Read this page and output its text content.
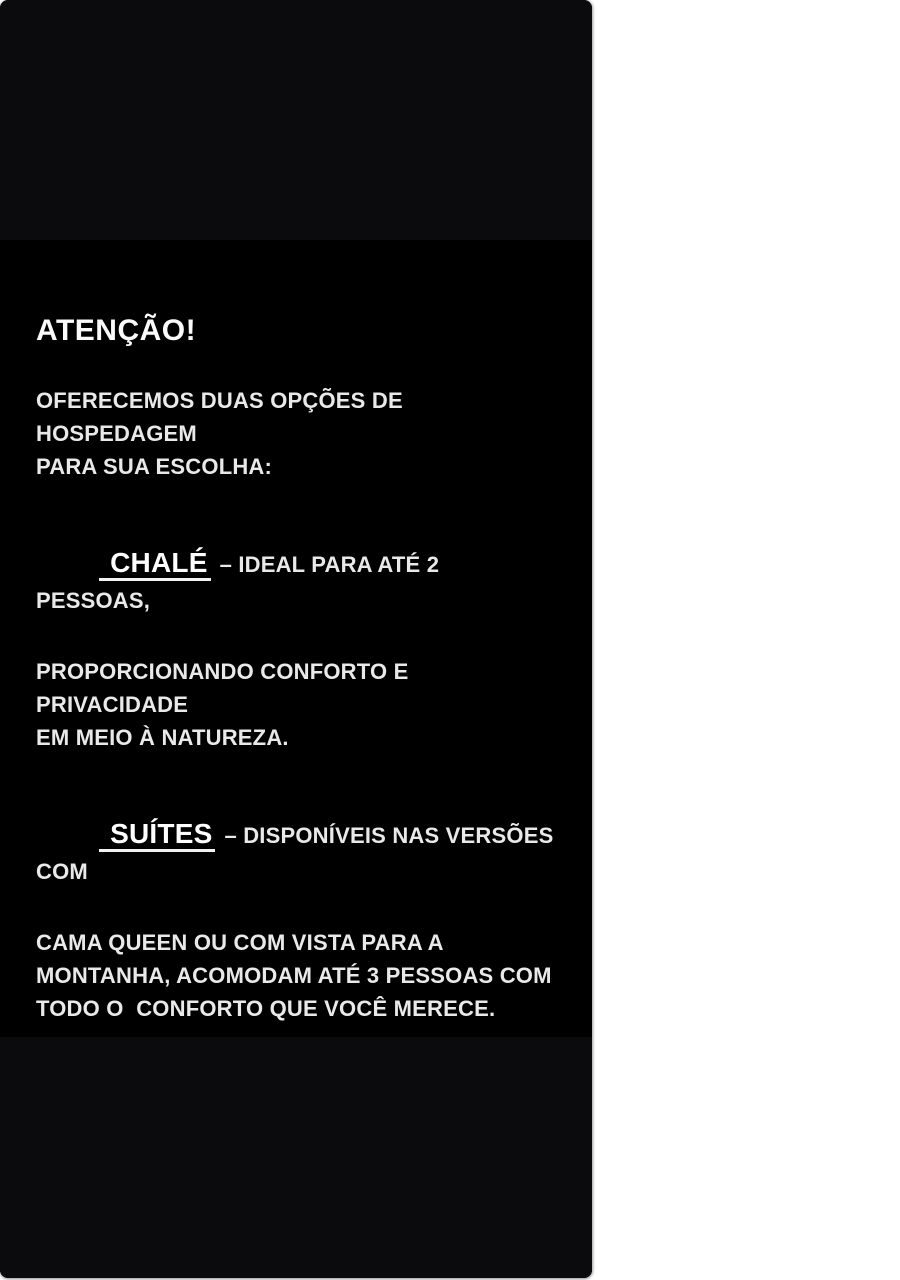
ATENÇÃO!
OFERECEMOS DUAS OPÇÕES DE HOSPEDAGEM
PARA SUA ESCOLHA:

CHALÉ – IDEAL PARA ATÉ 2 PESSOAS,

PROPORCIONANDO CONFORTO E PRIVACIDADE
EM MEIO À NATUREZA.

SUÍTES – DISPONÍVEIS NAS VERSÕES COM

CAMA QUEEN OU COM VISTA PARA A
MONTANHA, ACOMODAM ATÉ 3 PESSOAS COM
TODO O  CONFORTO QUE VOCÊ MERECE.
